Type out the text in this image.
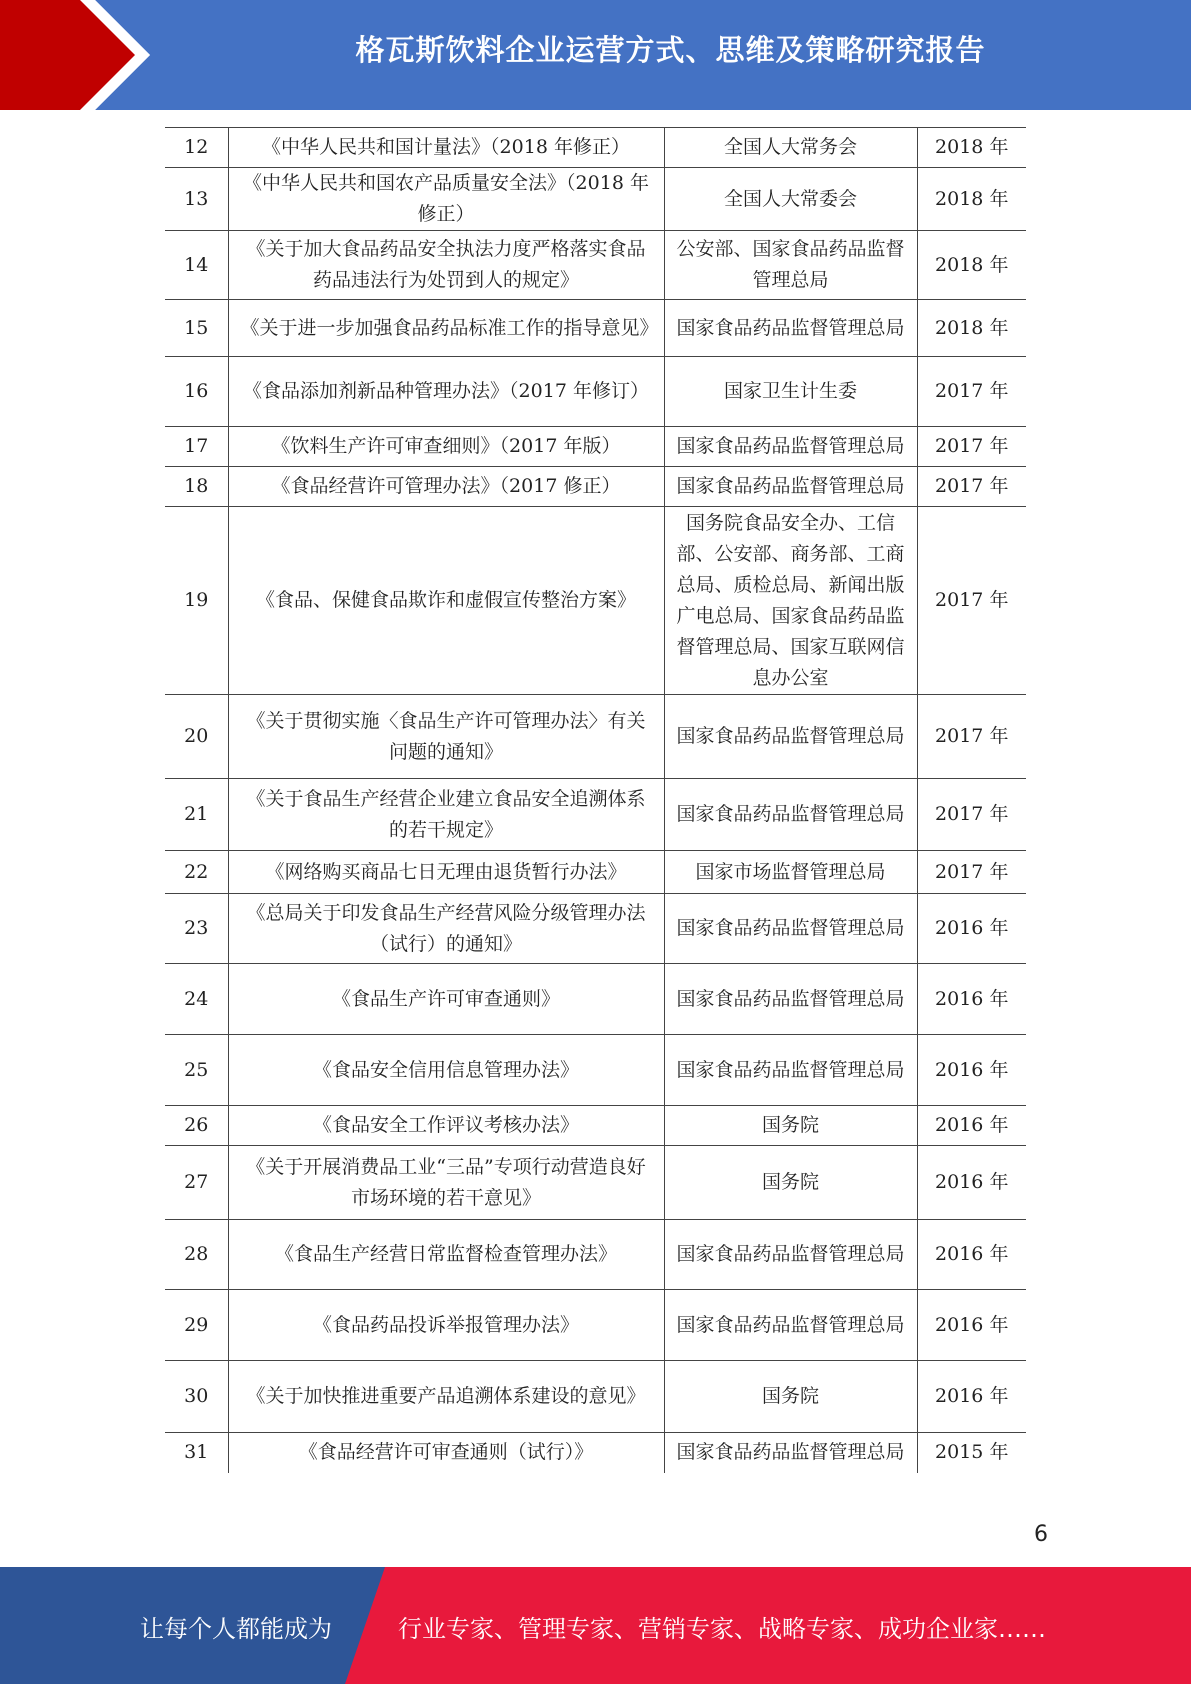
格瓦斯饮料企业运营方式、思维及策略研究报告
12	《中华人民共和国计量法》（2018 年修正）	全国人大常务会	2018 年
13	《中华人民共和国农产品质量安全法》（2018 年修正）	全国人大常委会	2018 年
14	《关于加大食品药品安全执法力度严格落实食品药品违法行为处罚到人的规定》	公安部、国家食品药品监督管理总局	2018 年
15	《关于进一步加强食品药品标准工作的指导意见》	国家食品药品监督管理总局	2018 年
16	《食品添加剂新品种管理办法》（2017 年修订）	国家卫生计生委	2017 年
17	《饮料生产许可审查细则》（2017 年版）	国家食品药品监督管理总局	2017 年
18	《食品经营许可管理办法》（2017 修正）	国家食品药品监督管理总局	2017 年
19	《食品、保健食品欺诈和虚假宣传整治方案》	国务院食品安全办、工信部、公安部、商务部、工商总局、质检总局、新闻出版广电总局、国家食品药品监督管理总局、国家互联网信息办公室	2017 年
20	《关于贯彻实施〈食品生产许可管理办法〉有关问题的通知》	国家食品药品监督管理总局	2017 年
21	《关于食品生产经营企业建立食品安全追溯体系的若干规定》	国家食品药品监督管理总局	2017 年
22	《网络购买商品七日无理由退货暂行办法》	国家市场监督管理总局	2017 年
23	《总局关于印发食品生产经营风险分级管理办法（试行）的通知》	国家食品药品监督管理总局	2016 年
24	《食品生产许可审查通则》	国家食品药品监督管理总局	2016 年
25	《食品安全信用信息管理办法》	国家食品药品监督管理总局	2016 年
26	《食品安全工作评议考核办法》	国务院	2016 年
27	《关于开展消费品工业“三品”专项行动营造良好市场环境的若干意见》	国务院	2016 年
28	《食品生产经营日常监督检查管理办法》	国家食品药品监督管理总局	2016 年
29	《食品药品投诉举报管理办法》	国家食品药品监督管理总局	2016 年
30	《关于加快推进重要产品追溯体系建设的意见》	国务院	2016 年
31	《食品经营许可审查通则（试行）》	国家食品药品监督管理总局	2015 年
6
让每个人都能成为	行业专家、管理专家、营销专家、战略专家、成功企业家……
